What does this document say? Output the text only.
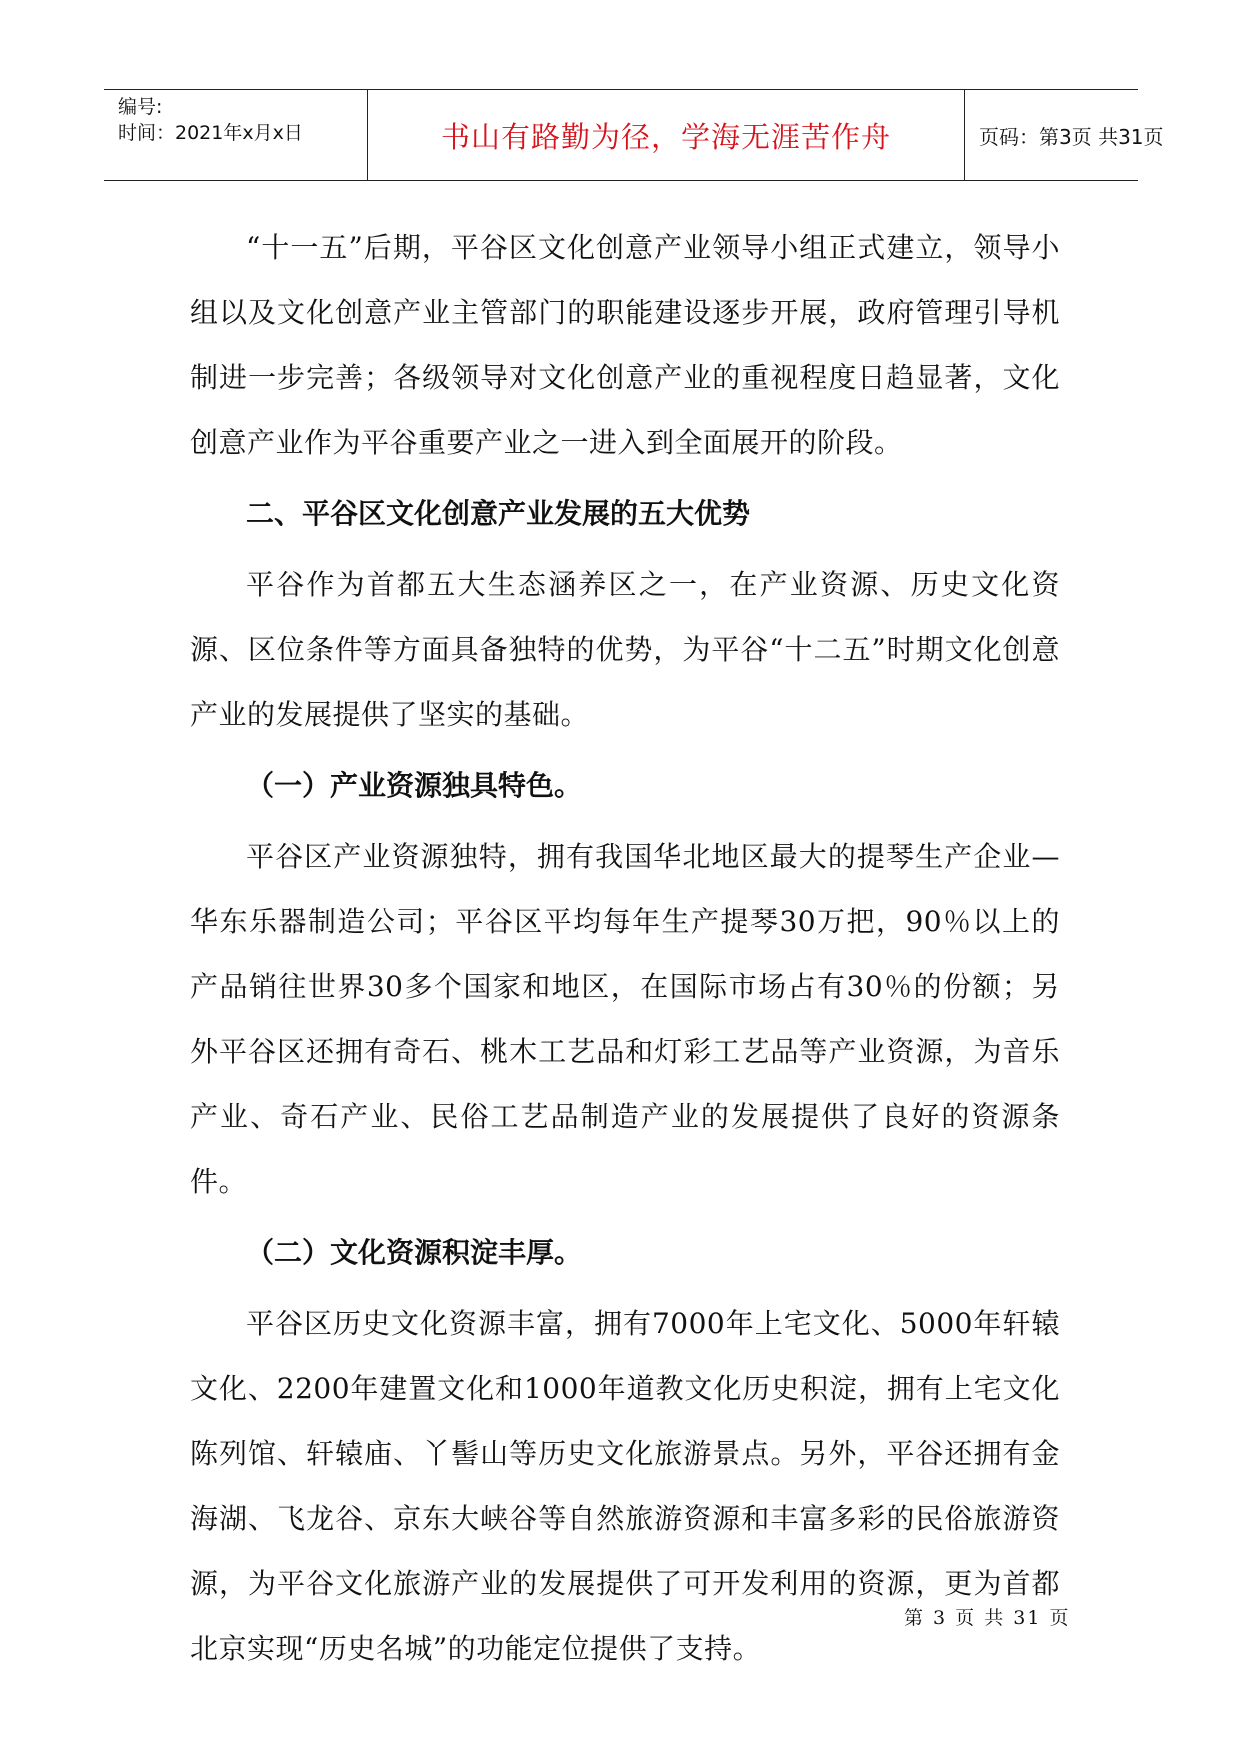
编号:
时间：2021年x月x日	书山有路勤为径，学海无涯苦作舟	页码：第3页 共31页

“十一五”后期，平谷区文化创意产业领导小组正式建立，领导小组以及文化创意产业主管部门的职能建设逐步开展，政府管理引导机制进一步完善；各级领导对文化创意产业的重视程度日趋显著，文化创意产业作为平谷重要产业之一进入到全面展开的阶段。

二、平谷区文化创意产业发展的五大优势

平谷作为首都五大生态涵养区之一，在产业资源、历史文化资源、区位条件等方面具备独特的优势，为平谷“十二五”时期文化创意产业的发展提供了坚实的基础。

（一）产业资源独具特色。

平谷区产业资源独特，拥有我国华北地区最大的提琴生产企业—华东乐器制造公司；平谷区平均每年生产提琴30万把，90％以上的产品销往世界30多个国家和地区，在国际市场占有30％的份额；另外平谷区还拥有奇石、桃木工艺品和灯彩工艺品等产业资源，为音乐产业、奇石产业、民俗工艺品制造产业的发展提供了良好的资源条件。

（二）文化资源积淀丰厚。

平谷区历史文化资源丰富，拥有7000年上宅文化、5000年轩辕文化、2200年建置文化和1000年道教文化历史积淀，拥有上宅文化陈列馆、轩辕庙、丫髻山等历史文化旅游景点。另外，平谷还拥有金海湖、飞龙谷、京东大峡谷等自然旅游资源和丰富多彩的民俗旅游资源，为平谷文化旅游产业的发展提供了可开发利用的资源，更为首都北京实现“历史名城”的功能定位提供了支持。

第 3 页 共 31 页
